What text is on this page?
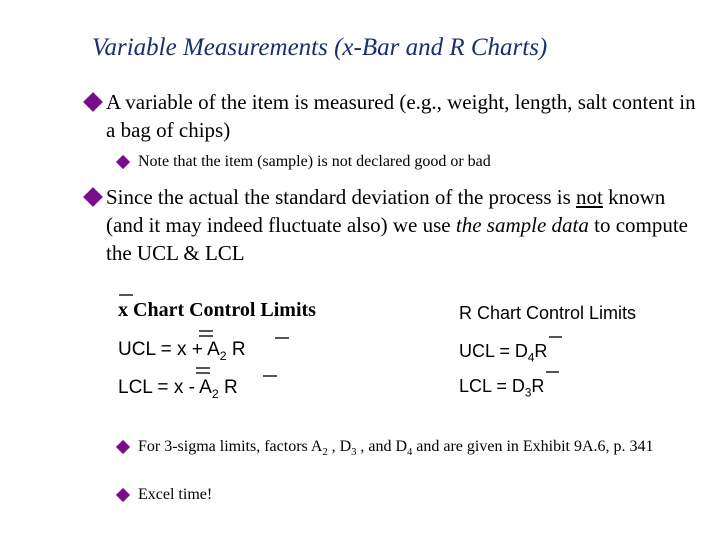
Variable Measurements (x-Bar and R Charts)
A variable of the item is measured (e.g., weight, length, salt content in a bag of chips)
Note that the item (sample) is not declared good or bad
Since the actual the standard deviation of the process is not known (and it may indeed fluctuate also) we use the sample data to compute the UCL & LCL
x Chart Control Limits
UCL = $x + A_2$ R
LCL = x - $A_2$ R
R Chart Control Limits
UCL = $D_4R$
LCL = $D_3R$
For 3-sigma limits, factors $A_2$ , $D_3$ , and $D_4$ and are given in Exhibit 9A.6, p. 341
Excel time!
